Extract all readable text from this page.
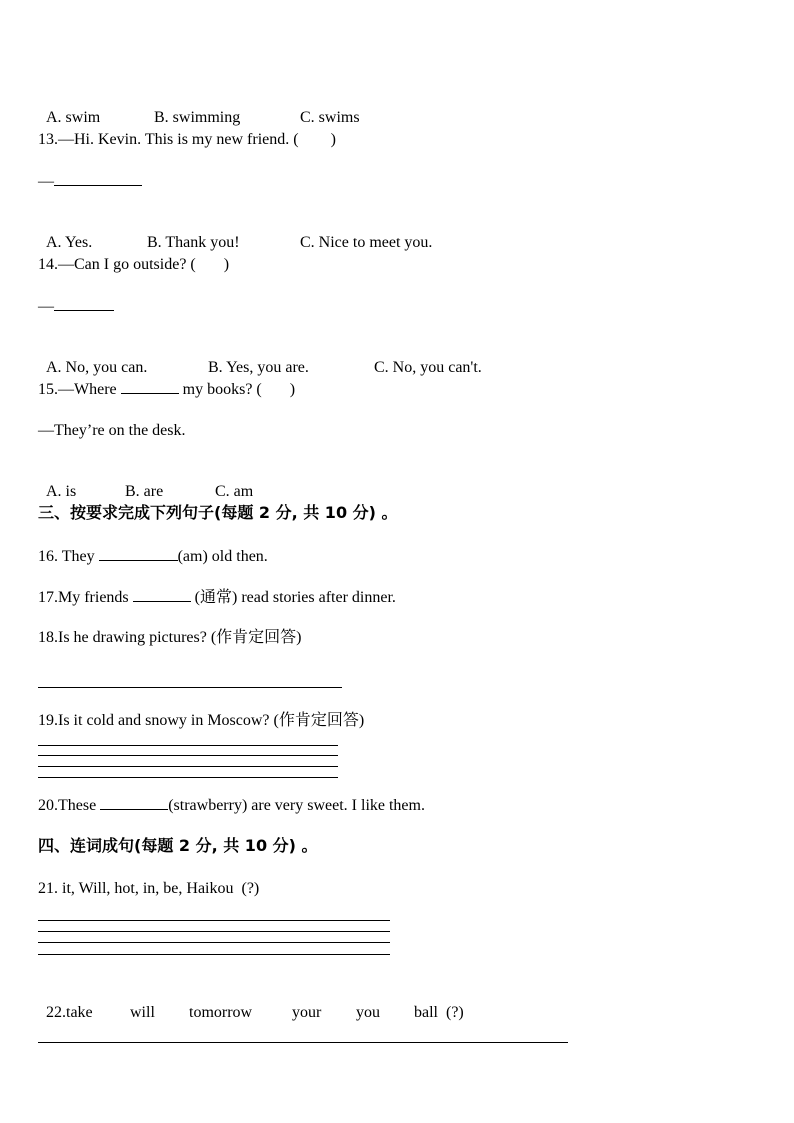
A. swim	B. swimming	C. swims

13.—Hi. Kevin. This is my new friend. (        )
—

A. Yes.	B. Thank you!	C. Nice to meet you.

14.—Can I go outside? (       )
—

A. No, you can.	B. Yes, you are.	C. No, you can't.

15.—Where	my books? (       )
—They’re on the desk.

A. is	B. are	C. am

三、按要求完成下列句子(每题 2 分, 共 10 分) 。
16. They	(am) old then.
17.My friends	(通常) read stories after dinner.
18.Is he drawing pictures? (作肯定回答)
19.Is it cold and snowy in Moscow? (作肯定回答)
20.These	(strawberry) are very sweet. I like them.
四、连词成句(每题 2 分, 共 10 分) 。
21. it, Will, hot, in, be, Haikou  (?)

22.take will tomorrow your you ball  (?)
